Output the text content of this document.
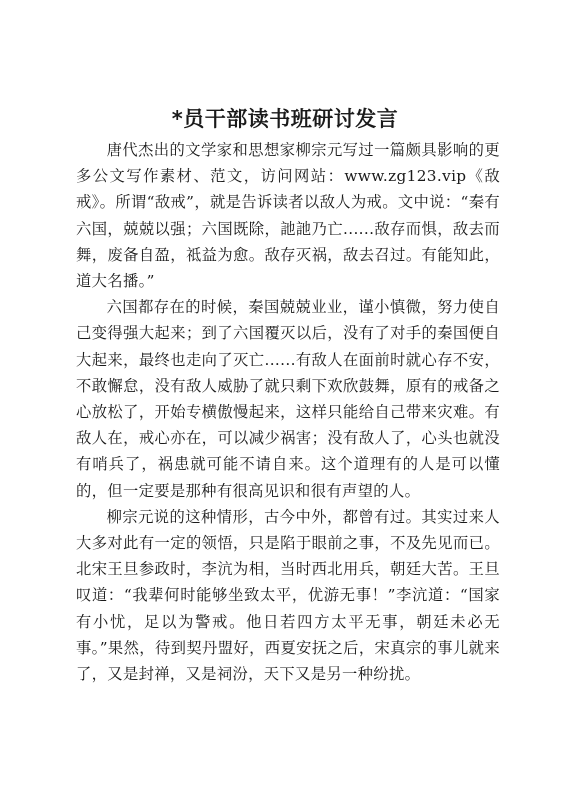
*员干部读书班研讨发言

唐代杰出的文学家和思想家柳宗元写过一篇颇具影响的更多公文写作素材、范文，访问网站：www.zg123.vip《敌戒》。所谓“敌戒”，就是告诉读者以敌人为戒。文中说：“秦有六国，兢兢以强；六国既除，訑訑乃亡......敌存而惧，敌去而舞，废备自盈，祗益为愈。敌存灭祸，敌去召过。有能知此，道大名播。”

六国都存在的时候，秦国兢兢业业，谨小慎微，努力使自己变得强大起来；到了六国覆灭以后，没有了对手的秦国便自大起来，最终也走向了灭亡......有敌人在面前时就心存不安，不敢懈怠，没有敌人威胁了就只剩下欢欣鼓舞，原有的戒备之心放松了，开始专横傲慢起来，这样只能给自己带来灾难。有敌人在，戒心亦在，可以减少祸害；没有敌人了，心头也就没有哨兵了，祸患就可能不请自来。这个道理有的人是可以懂的，但一定要是那种有很高见识和很有声望的人。

柳宗元说的这种情形，古今中外，都曾有过。其实过来人大多对此有一定的领悟，只是陷于眼前之事，不及先见而已。北宋王旦参政时，李沆为相，当时西北用兵，朝廷大苦。王旦叹道：“我辈何时能够坐致太平，优游无事！”李沆道：“国家有小忧，足以为警戒。他日若四方太平无事，朝廷未必无事。”果然，待到契丹盟好，西夏安抚之后，宋真宗的事儿就来了，又是封禅，又是祠汾，天下又是另一种纷扰。
